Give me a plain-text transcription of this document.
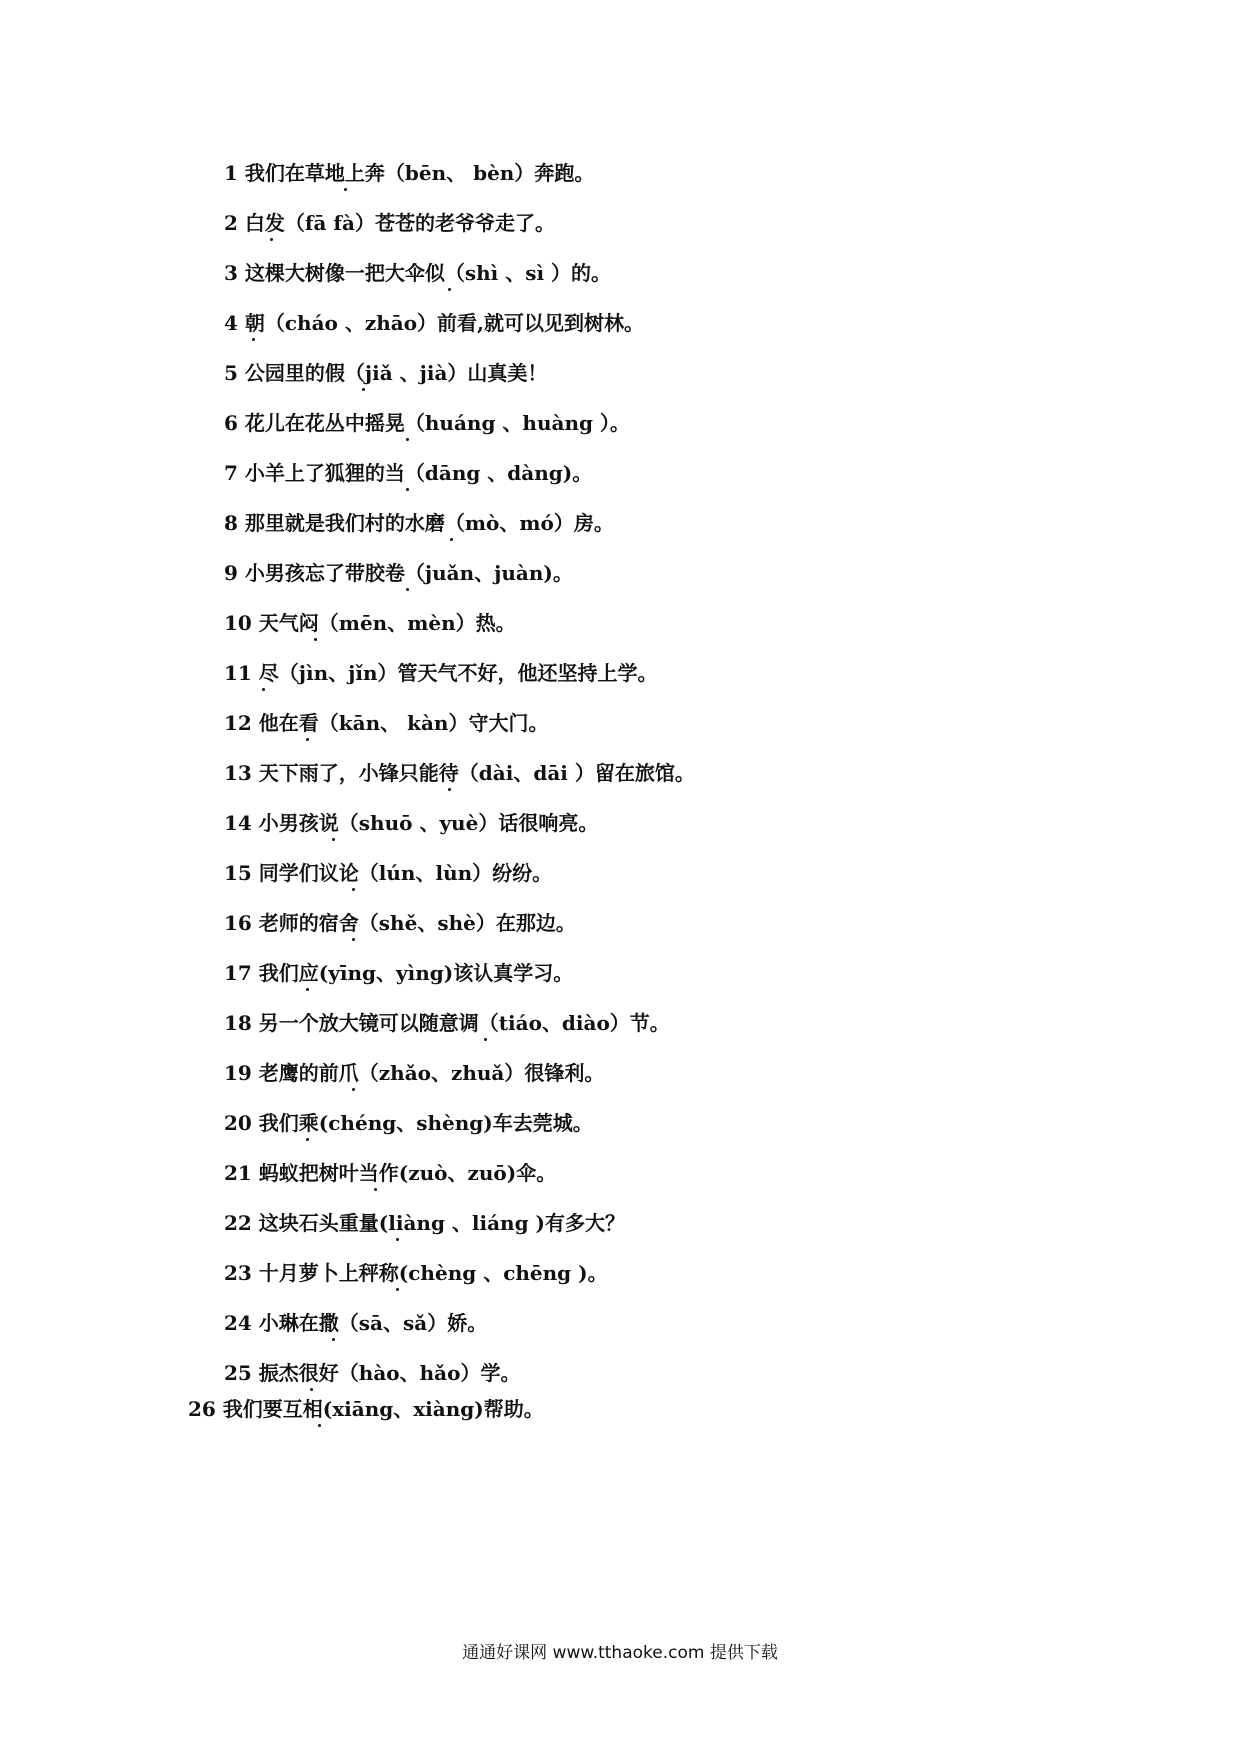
1 我们在草地上奔（bēn、 bèn）奔跑。
2 白发（fā fà）苍苍的老爷爷走了。
3 这棵大树像一把大伞似（shì 、sì ）的。
4 朝（cháo 、zhāo）前看,就可以见到树林。
5 公园里的假（jiǎ 、jià）山真美！
6 花儿在花丛中摇晃（huáng 、huàng ）。
7 小羊上了狐狸的当（dāng 、dàng)。
8 那里就是我们村的水磨（mò、mó）房。
9 小男孩忘了带胶卷（juǎn、juàn)。
10 天气闷（mēn、mèn）热。
11 尽（jìn、jǐn）管天气不好，他还坚持上学。
12 他在看（kān、 kàn）守大门。
13 天下雨了，小锋只能待（dài、dāi ）留在旅馆。
14 小男孩说（shuō 、yuè）话很响亮。
15 同学们议论（lún、lùn）纷纷。
16 老师的宿舍（shě、shè）在那边。
17 我们应(yīng、yìng)该认真学习。
18 另一个放大镜可以随意调（tiáo、diào）节。
19 老鹰的前爪（zhǎo、zhuǎ）很锋利。
20 我们乘(chéng、shèng)车去莞城。
21 蚂蚁把树叶当作(zuò、zuō)伞。
22 这块石头重量(liàng 、liáng )有多大？
23 十月萝卜上秤称(chèng 、chēng )。
24 小琳在撒（sā、sǎ）娇。
25 振杰很好（hào、hǎo）学。
26 我们要互相(xiāng、xiàng)帮助。
通通好课网 www.tthaoke.com 提供下载
